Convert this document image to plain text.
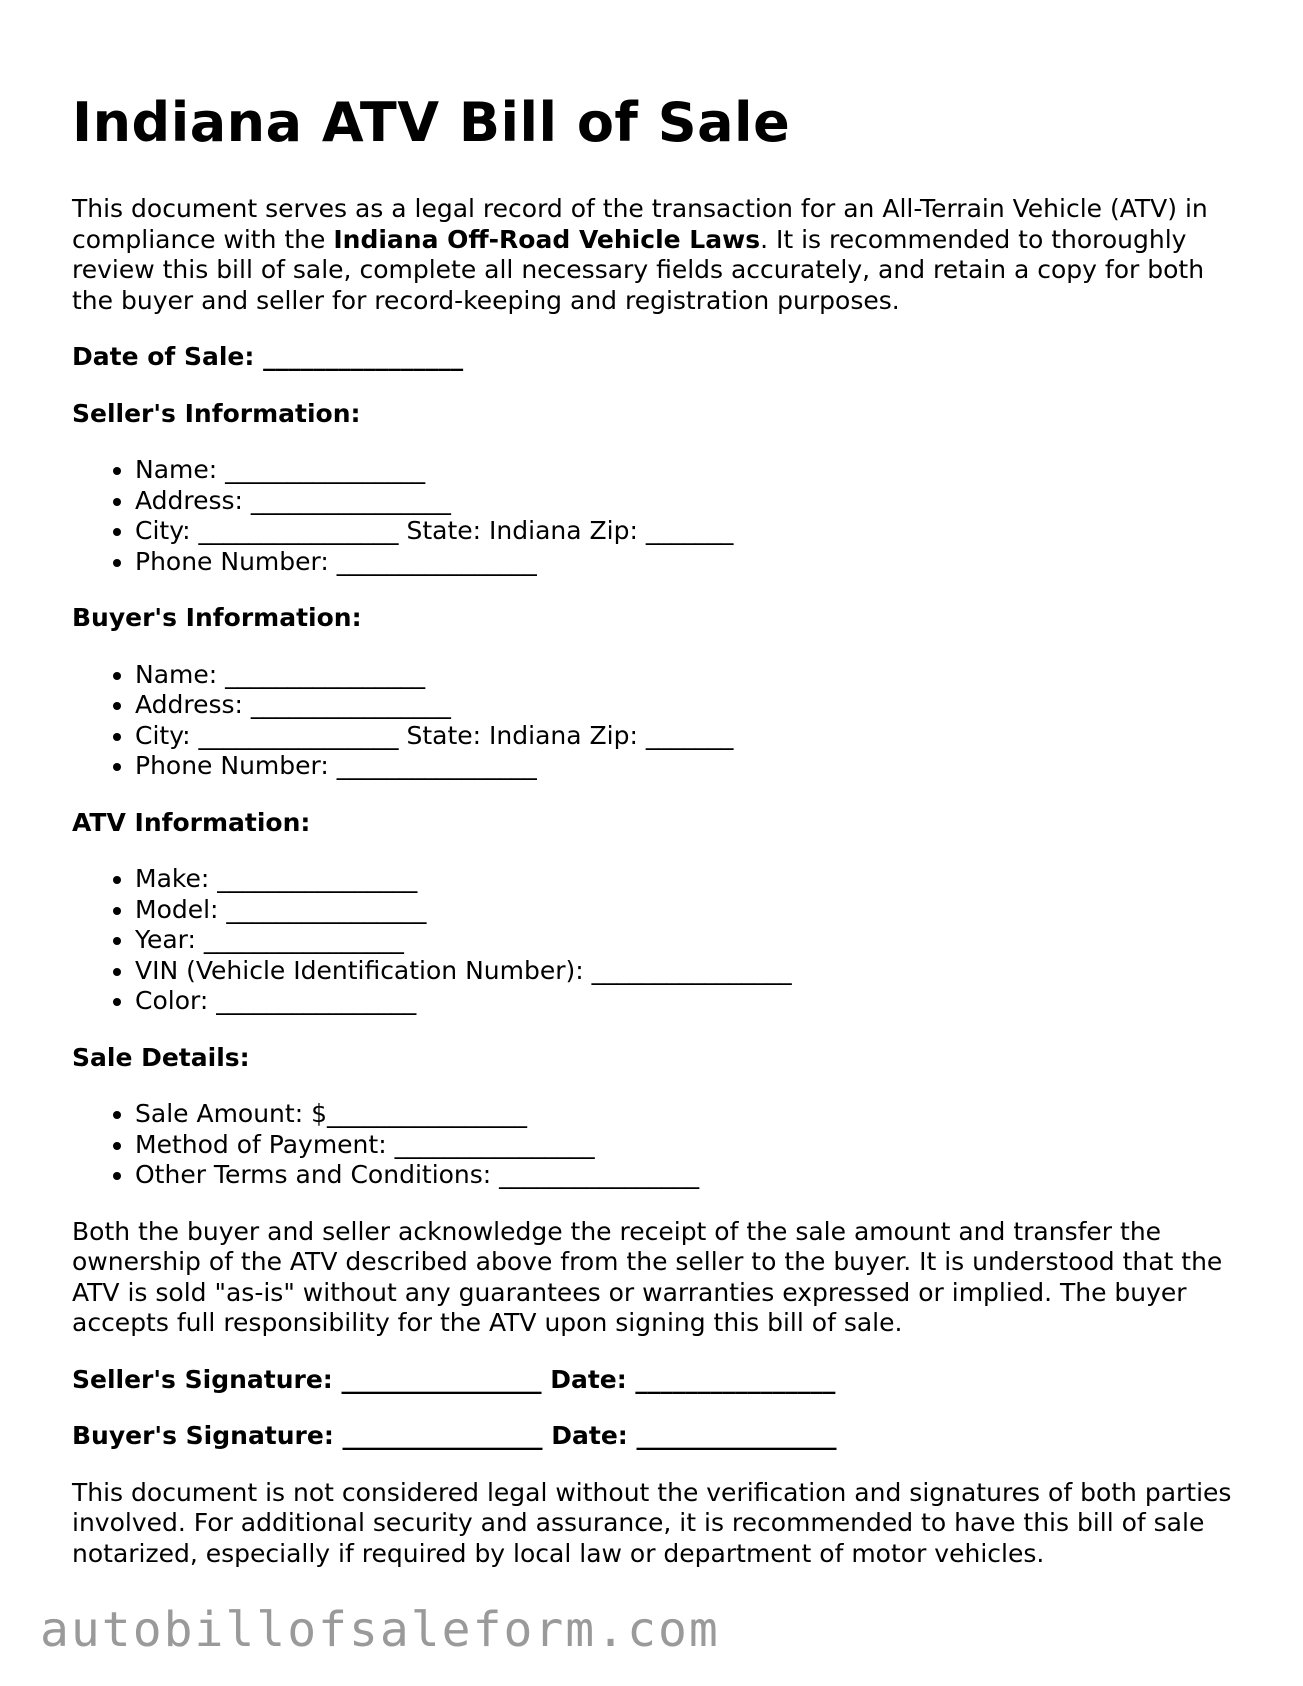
Indiana ATV Bill of Sale

This document serves as a legal record of the transaction for an All-Terrain Vehicle (ATV) in compliance with the Indiana Off-Road Vehicle Laws. It is recommended to thoroughly review this bill of sale, complete all necessary fields accurately, and retain a copy for both the buyer and seller for record-keeping and registration purposes.

Date of Sale: ________________
Seller's Information:
• Name: ________________
• Address: ________________
• City: ________________ State: Indiana Zip: _______
• Phone Number: ________________
Buyer's Information:
• Name: ________________
• Address: ________________
• City: ________________ State: Indiana Zip: _______
• Phone Number: ________________
ATV Information:
• Make: ________________
• Model: ________________
• Year: ________________
• VIN (Vehicle Identification Number): ________________
• Color: ________________
Sale Details:
• Sale Amount: $________________
• Method of Payment: ________________
• Other Terms and Conditions: ________________

Both the buyer and seller acknowledge the receipt of the sale amount and transfer the ownership of the ATV described above from the seller to the buyer. It is understood that the ATV is sold "as-is" without any guarantees or warranties expressed or implied. The buyer accepts full responsibility for the ATV upon signing this bill of sale.

Seller's Signature: ________________ Date: ________________
Buyer's Signature: ________________ Date: ________________

This document is not considered legal without the verification and signatures of both parties involved. For additional security and assurance, it is recommended to have this bill of sale notarized, especially if required by local law or department of motor vehicles.

autobillofsaleform.com
